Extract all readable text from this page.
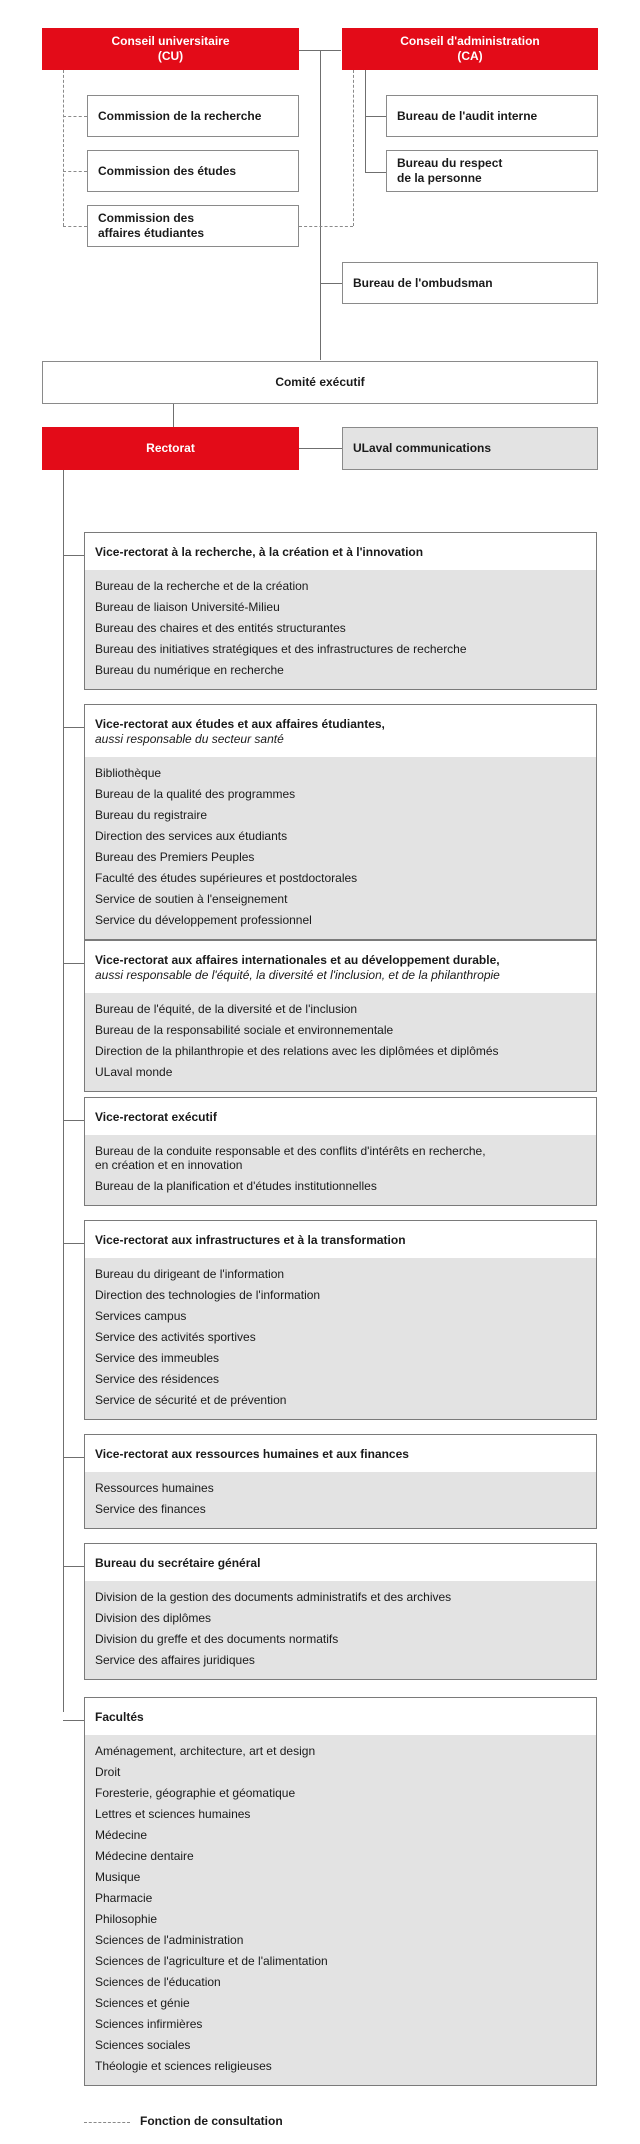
Conseil universitaire
(CU)
Conseil d'administration
(CA)
Commission de la recherche
Commission des études
Commission des
affaires étudiantes
Bureau de l'audit interne
Bureau du respect
de la personne
Bureau de l'ombudsman
Comité exécutif
Rectorat	ULaval communications
Vice-rectorat à la recherche, à la création et à l'innovation
Bureau de la recherche et de la création
Bureau de liaison Université-Milieu
Bureau des chaires et des entités structurantes
Bureau des initiatives stratégiques et des infrastructures de recherche
Bureau du numérique en recherche
Vice-rectorat aux études et aux affaires étudiantes,
aussi responsable du secteur santé
Bibliothèque
Bureau de la qualité des programmes
Bureau du registraire
Direction des services aux étudiants
Bureau des Premiers Peuples
Faculté des études supérieures et postdoctorales
Service de soutien à l'enseignement
Service du développement professionnel
Vice-rectorat aux affaires internationales et au développement durable,
aussi responsable de l'équité, la diversité et l'inclusion, et de la philanthropie
Bureau de l'équité, de la diversité et de l'inclusion
Bureau de la responsabilité sociale et environnementale
Direction de la philanthropie et des relations avec les diplômées et diplômés
ULaval monde
Vice-rectorat exécutif
Bureau de la conduite responsable et des conflits d'intérêts en recherche,
en création et en innovation
Bureau de la planification et d'études institutionnelles
Vice-rectorat aux infrastructures et à la transformation
Bureau du dirigeant de l'information
Direction des technologies de l'information
Services campus
Service des activités sportives
Service des immeubles
Service des résidences
Service de sécurité et de prévention
Vice-rectorat aux ressources humaines et aux finances
Ressources humaines
Service des finances
Bureau du secrétaire général
Division de la gestion des documents administratifs et des archives
Division des diplômes
Division du greffe et des documents normatifs
Service des affaires juridiques
Facultés
Aménagement, architecture, art et design
Droit
Foresterie, géographie et géomatique
Lettres et sciences humaines
Médecine
Médecine dentaire
Musique
Pharmacie
Philosophie
Sciences de l'administration
Sciences de l'agriculture et de l'alimentation
Sciences de l'éducation
Sciences et génie
Sciences infirmières
Sciences sociales
Théologie et sciences religieuses
Fonction de consultation
